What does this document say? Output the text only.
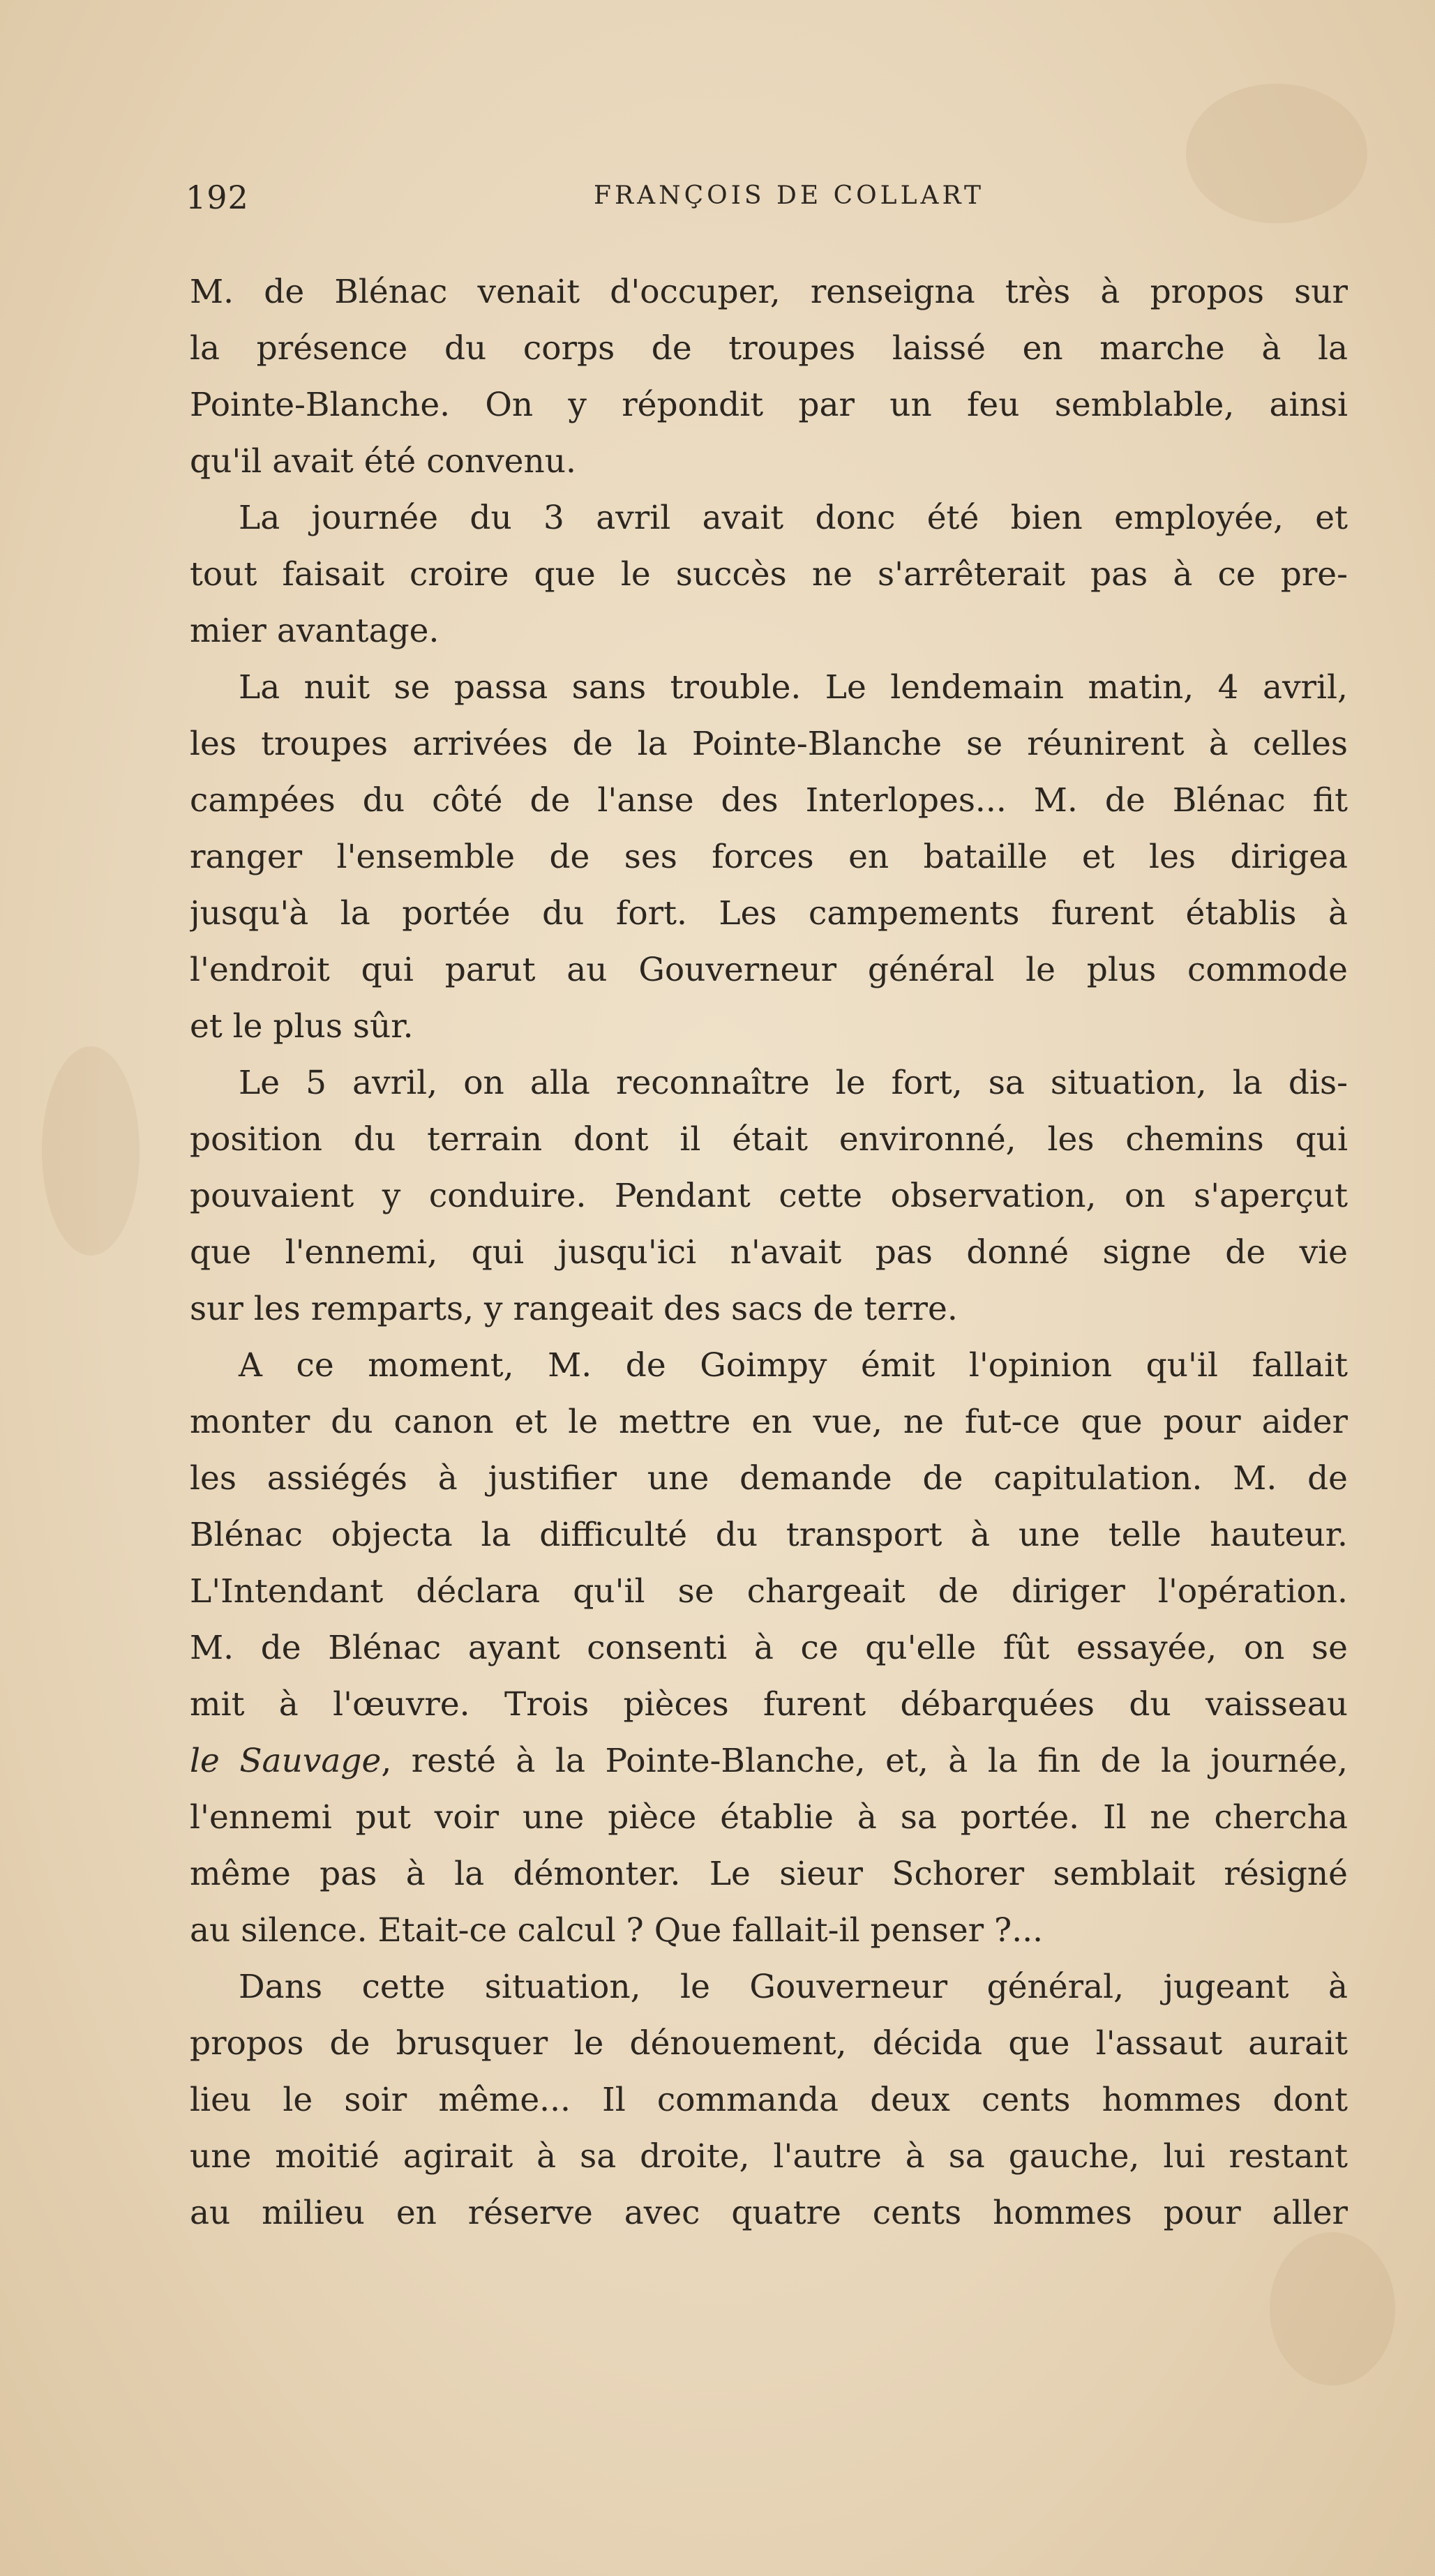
192	FRANÇOIS DE COLLART
M. de Blénac venait d'occuper, renseigna très à propos sur
la présence du corps de troupes laissé en marche à la
Pointe-Blanche. On y répondit par un feu semblable, ainsi
qu'il avait été convenu.
La journée du 3 avril avait donc été bien employée, et
tout faisait croire que le succès ne s'arrêterait pas à ce pre-
mier avantage.
La nuit se passa sans trouble. Le lendemain matin, 4 avril,
les troupes arrivées de la Pointe-Blanche se réunirent à celles
campées du côté de l'anse des Interlopes... M. de Blénac fit
ranger l'ensemble de ses forces en bataille et les dirigea
jusqu'à la portée du fort. Les campements furent établis à
l'endroit qui parut au Gouverneur général le plus commode
et le plus sûr.
Le 5 avril, on alla reconnaître le fort, sa situation, la dis-
position du terrain dont il était environné, les chemins qui
pouvaient y conduire. Pendant cette observation, on s'aperçut
que l'ennemi, qui jusqu'ici n'avait pas donné signe de vie
sur les remparts, y rangeait des sacs de terre.
A ce moment, M. de Goimpy émit l'opinion qu'il fallait
monter du canon et le mettre en vue, ne fut-ce que pour aider
les assiégés à justifier une demande de capitulation. M. de
Blénac objecta la difficulté du transport à une telle hauteur.
L'Intendant déclara qu'il se chargeait de diriger l'opération.
M. de Blénac ayant consenti à ce qu'elle fût essayée, on se
mit à l'œuvre. Trois pièces furent débarquées du vaisseau
le Sauvage, resté à la Pointe-Blanche, et, à la fin de la journée,
l'ennemi put voir une pièce établie à sa portée. Il ne chercha
même pas à la démonter. Le sieur Schorer semblait résigné
au silence. Etait-ce calcul ? Que fallait-il penser ?...
Dans cette situation, le Gouverneur général, jugeant à
propos de brusquer le dénouement, décida que l'assaut aurait
lieu le soir même... Il commanda deux cents hommes dont
une moitié agirait à sa droite, l'autre à sa gauche, lui restant
au milieu en réserve avec quatre cents hommes pour aller
